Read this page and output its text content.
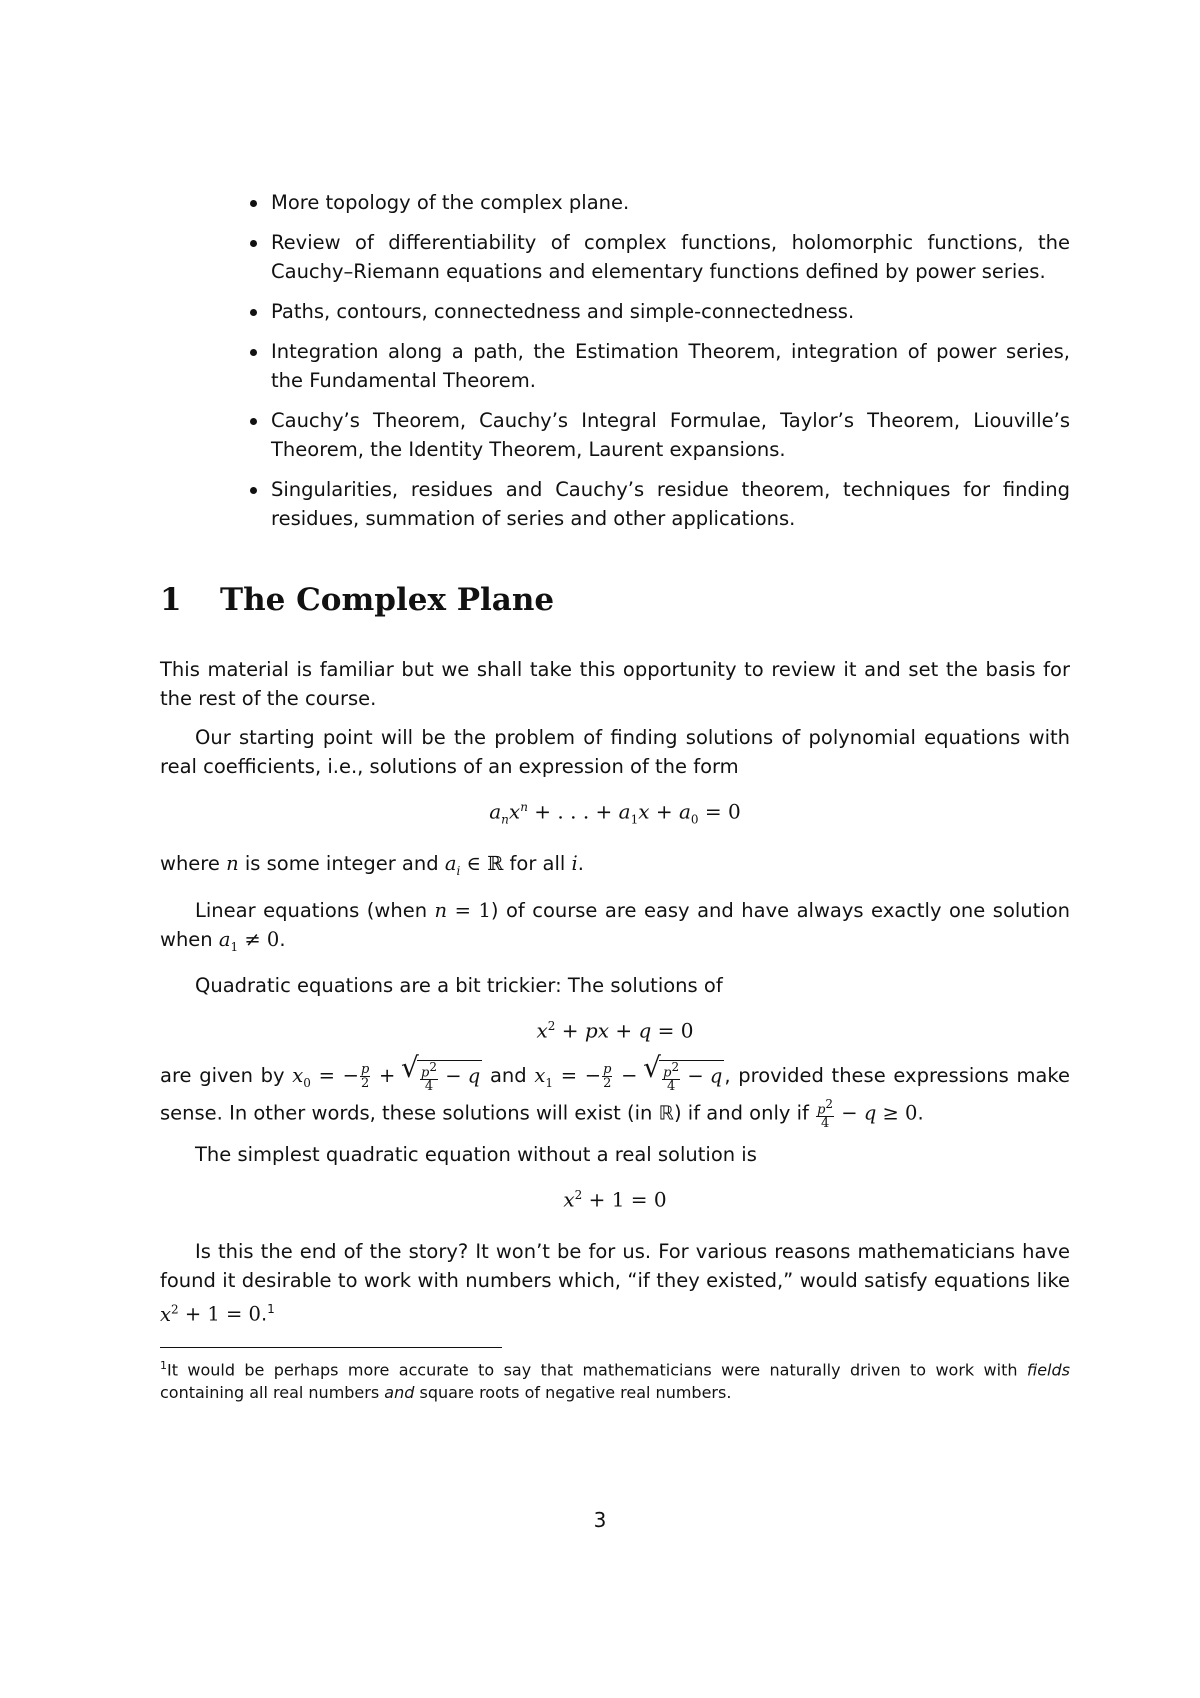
More topology of the complex plane.
Review of differentiability of complex functions, holomorphic functions, the Cauchy–Riemann equations and elementary functions defined by power series.
Paths, contours, connectedness and simple-connectedness.
Integration along a path, the Estimation Theorem, integration of power series, the Fundamental Theorem.
Cauchy’s Theorem, Cauchy’s Integral Formulae, Taylor’s Theorem, Liouville’s Theorem, the Identity Theorem, Laurent expansions.
Singularities, residues and Cauchy’s residue theorem, techniques for finding residues, summation of series and other applications.
1 The Complex Plane

This material is familiar but we shall take this opportunity to review it and set the basis for the rest of the course.

Our starting point will be the problem of finding solutions of polynomial equations with real coefficients, i.e., solutions of an expression of the form

$a_nx^n$ + . . . + $a_1x + a_0 = 0$

where n is some integer and $a_i$ ∈ ℝ for all i.

Linear equations (when n = 1) of course are easy and have always exactly one solution when $a_1 \ne 0$.

Quadratic equations are a bit trickier: The solutions of

$x^2$ + px + q = 0

are given by $x_0$ = − $\frac{p}{2}$ + √ $\frac{p^2}{4} - q$ and $x_1$ = − $\frac{p}{2}$ − √ $\frac{p^2}{4} - q$ , provided these expressions make sense. In other words, these solutions will exist (in ℝ) if and only if $\frac{p^2}{4} - q \ge 0$.

The simplest quadratic equation without a real solution is

$x^2 + 1 = 0$

Is this the end of the story? It won’t be for us. For various reasons mathematicians have found it desirable to work with numbers which, “if they existed,” would satisfy equations like $x^2 + 1 = 0.^1$

$^1$It would be perhaps more accurate to say that mathematicians were naturally driven to work with fields containing all real numbers and square roots of negative real numbers.
3
